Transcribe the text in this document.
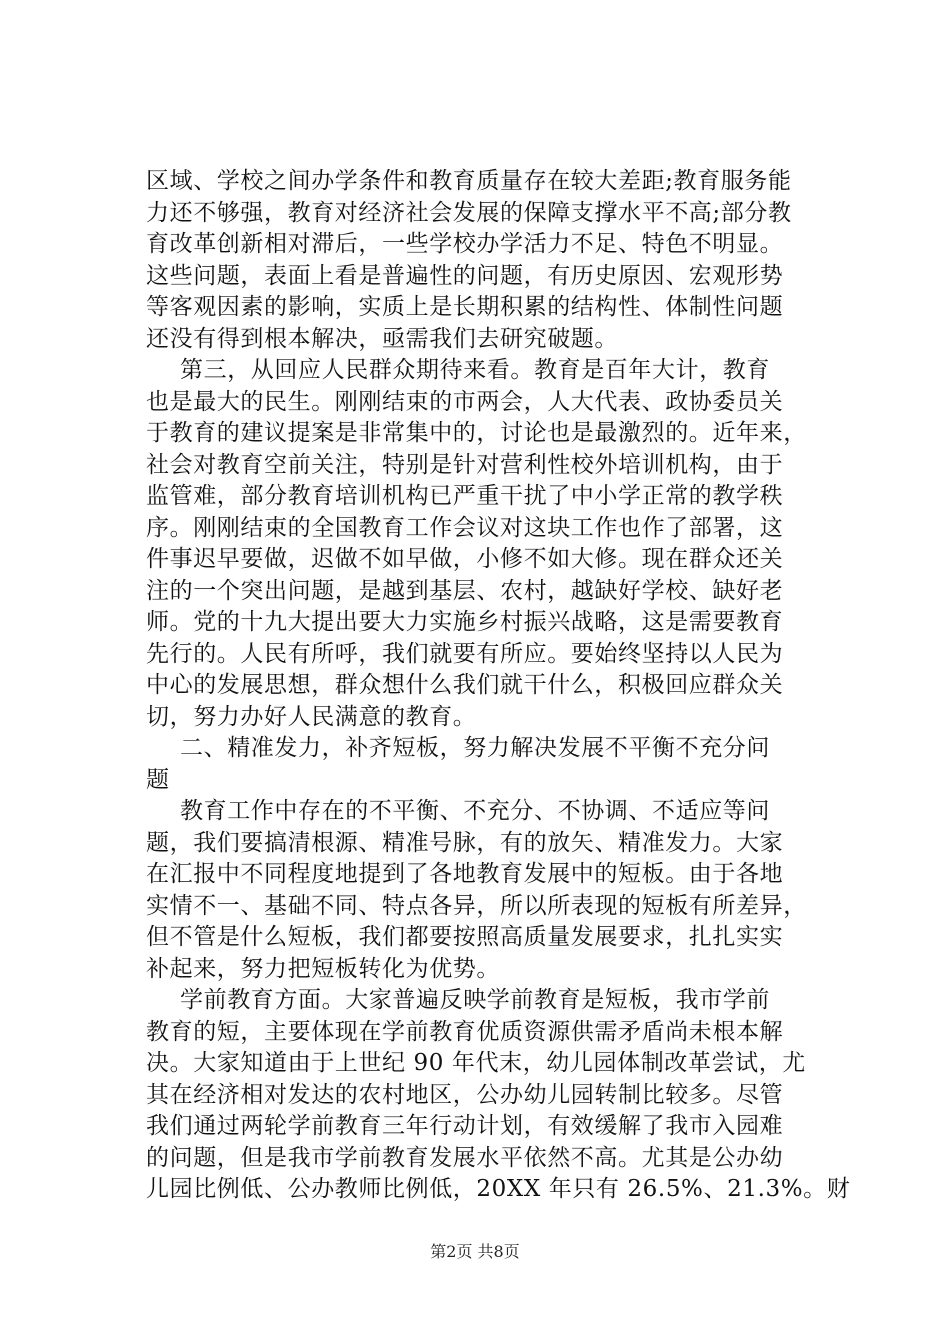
区域、学校之间办学条件和教育质量存在较大差距;教育服务能
力还不够强，教育对经济社会发展的保障支撑水平不高;部分教
育改革创新相对滞后，一些学校办学活力不足、特色不明显。
这些问题，表面上看是普遍性的问题，有历史原因、宏观形势
等客观因素的影响，实质上是长期积累的结构性、体制性问题
还没有得到根本解决，亟需我们去研究破题。
第三，从回应人民群众期待来看。教育是百年大计，教育
也是最大的民生。刚刚结束的市两会，人大代表、政协委员关
于教育的建议提案是非常集中的，讨论也是最激烈的。近年来，
社会对教育空前关注，特别是针对营利性校外培训机构，由于
监管难，部分教育培训机构已严重干扰了中小学正常的教学秩
序。刚刚结束的全国教育工作会议对这块工作也作了部署，这
件事迟早要做，迟做不如早做，小修不如大修。现在群众还关
注的一个突出问题，是越到基层、农村，越缺好学校、缺好老
师。党的十九大提出要大力实施乡村振兴战略，这是需要教育
先行的。人民有所呼，我们就要有所应。要始终坚持以人民为
中心的发展思想，群众想什么我们就干什么，积极回应群众关
切，努力办好人民满意的教育。
二、精准发力，补齐短板，努力解决发展不平衡不充分问
题
教育工作中存在的不平衡、不充分、不协调、不适应等问
题，我们要搞清根源、精准号脉，有的放矢、精准发力。大家
在汇报中不同程度地提到了各地教育发展中的短板。由于各地
实情不一、基础不同、特点各异，所以所表现的短板有所差异，
但不管是什么短板，我们都要按照高质量发展要求，扎扎实实
补起来，努力把短板转化为优势。
学前教育方面。大家普遍反映学前教育是短板，我市学前
教育的短，主要体现在学前教育优质资源供需矛盾尚未根本解
决。大家知道由于上世纪 90 年代末，幼儿园体制改革尝试，尤
其在经济相对发达的农村地区，公办幼儿园转制比较多。尽管
我们通过两轮学前教育三年行动计划，有效缓解了我市入园难
的问题，但是我市学前教育发展水平依然不高。尤其是公办幼
儿园比例低、公办教师比例低，20XX 年只有 26.5%、21.3%。财
第2页 共8页
